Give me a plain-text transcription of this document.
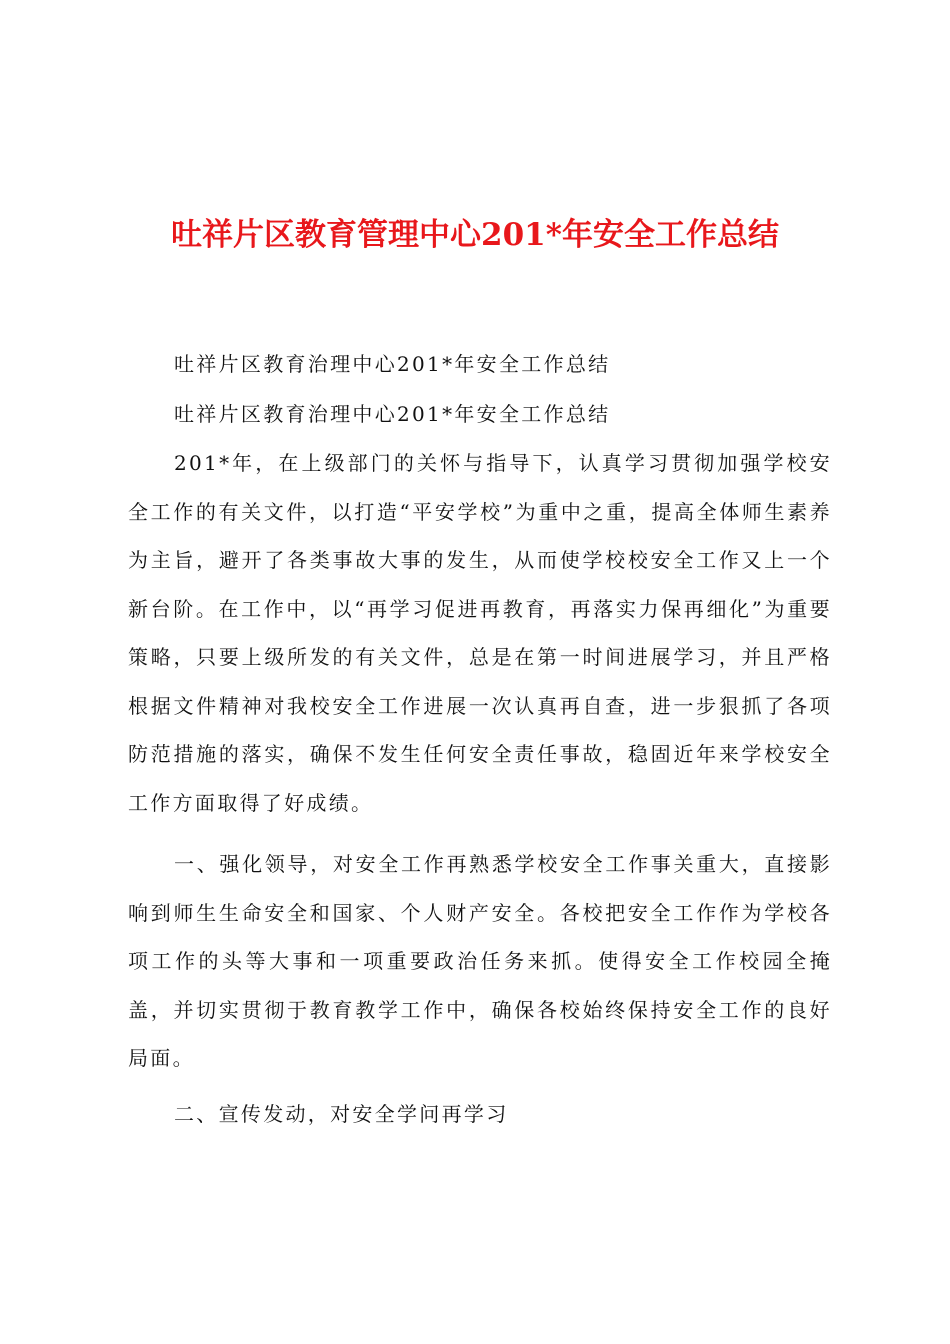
吐祥片区教育管理中心201*年安全工作总结

吐祥片区教育治理中心201*年安全工作总结

吐祥片区教育治理中心201*年安全工作总结

201*年，在上级部门的关怀与指导下，认真学习贯彻加强学校安全工作的有关文件，以打造“平安学校”为重中之重，提高全体师生素养为主旨，避开了各类事故大事的发生，从而使学校校安全工作又上一个新台阶。在工作中，以“再学习促进再教育，再落实力保再细化”为重要策略，只要上级所发的有关文件，总是在第一时间进展学习，并且严格根据文件精神对我校安全工作进展一次认真再自查，进一步狠抓了各项防范措施的落实，确保不发生任何安全责任事故，稳固近年来学校安全工作方面取得了好成绩。

一、强化领导，对安全工作再熟悉学校安全工作事关重大，直接影响到师生生命安全和国家、个人财产安全。各校把安全工作作为学校各项工作的头等大事和一项重要政治任务来抓。使得安全工作校园全掩盖，并切实贯彻于教育教学工作中，确保各校始终保持安全工作的良好局面。

二、宣传发动，对安全学问再学习
